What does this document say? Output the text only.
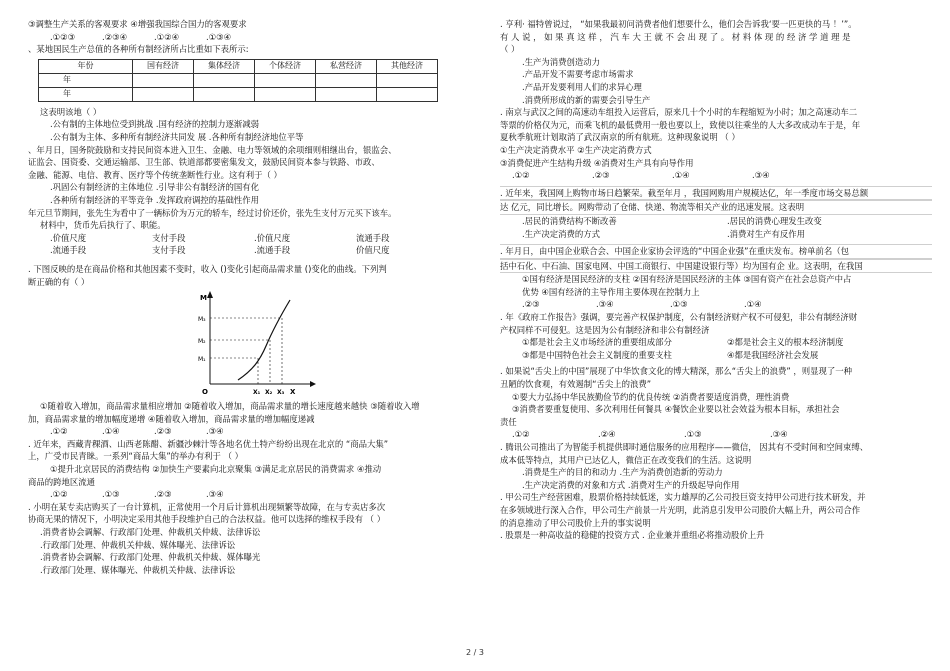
③调整生产关系的客观要求 ④增强我国综合国力的客观要求
.①②③	.②③④	.①②④	.①③④
、某地国民生产总值的各种所有制经济所占比重如下表所示:
年份	国有经济	集体经济	个体经济	私营经济	其他经济
年					
年					
这表明该地（ ）
.公有制的主体地位受到挑战 .国有经济的控制力逐渐减弱
.公有制为主体、多种所有制经济共同发 展 .各种所有制经济地位平等
、年月日，国务院鼓励和支持民间资本进入卫生、金融、电力等领域的余项细则相继出台，银监会、
证监会、国资委、交通运输部、卫生部、铁道部都要密集发文，鼓励民间资本参与铁路、市政、
金融、能源、电信、教育、医疗等个传统垄断性行业。这有利于（ ）
.巩固公有制经济的主体地位 .引导非公有制经济的国有化
.各种所有制经济的平等竞争 .发挥政府调控的基础性作用
年元旦节期间，张先生为看中了一辆标价为万元的轿车，经过讨价还价，张先生支付万元买下该车。
材料中，货币先后执行了、职能。
.价值尺度	支付手段	.价值尺度	流通手段
.流通手段	支付手段	.流通手段	价值尺度
. 下图反映的是在商品价格和其他因素不变时，收入 ()变化引起商品需求量 ()变化的曲线。下列判
断正确的有（ ）
M
M₃
M₂
M₁
O	X₁ X₂ X₃ X
①随着收入增加，商品需求量相应增加 ②随着收入增加，商品需求量的增长速度越来越快 ③随着收入增
加，商品需求量的增加幅度递增 ④随着收入增加，商品需求量的增加幅度递减
.①②	.①④	.②③	.③④
. 近年来，西藏青稞酒、山西老陈醋、新疆沙棘汁等各地名优土特产纷纷出现在北京的 “商品大集”
上，广受市民青睐。一系列“商品大集”的举办有利于 （ ）
①提升北京居民的消费结构 ②加快生产要素向北京聚集 ③满足北京居民的消费需求 ④推动
商品的跨地区流通
.①②	.①③	.②③	.③④
. 小明在某专卖店购买了一台计算机，正常使用一个月后计算机出现频繁等故障，在与专卖店多次
协商无果的情况下，小明决定采用其他手段维护自己的合法权益。他可以选择的维权手段有 （ ）
.消费者协会调解、行政部门处理、仲裁机关仲裁、法律诉讼
.行政部门处理、仲裁机关仲裁、媒体曝光、法律诉讼
.消费者协会调解、行政部门处理、仲裁机关仲裁、媒体曝光
.行政部门处理、媒体曝光、仲裁机关仲裁、法律诉讼
. 亨利· 福特曾说过， “如果我最初问消费者他们想要什么，他们会告诉我‘要一匹更快的马 ！’”。
有 人 说 ， 如 果 真 这 样 ， 汽 车 大 王 就 不 会 出 现 了 。 材 料 体 现 的 经 济 学 道 理 是
（ ）
.生产为消费创造动力
.产品开发不需要考虑市场需求
.产品开发要利用人们的求异心理
.消费所形成的新的需要会引导生产
. 南京与武汉之间的高速动车组投入运营后，原来几十个小时的车程缩短为小时；加之高速动车二
等票的价格仅为元，而乘飞机的最低费用一般也要以上，致使以往乘坐的人大多改成动车于是，年
夏秋季航班计划取消了武汉南京的所有航班。这种现象说明 （ ）
①生产决定消费水平 ②生产决定消费方式
③消费促进产生结构升级 ④消费对生产具有向导作用
.①②	.②③	.①④	.③④
. 近年来，我国网上购物市场日趋繁荣。截至年月 ，我国网购用户规模达亿，年一季度市场交易总额
达 亿元，同比增长。网购带动了仓储、快递、物流等相关产业的迅速发展。这表明
.居民的消费结构不断改善	.居民的消费心理发生改变
.生产决定消费的方式	.消费对生产有反作用
. 年月日，由中国企业联合会、中国企业家协会评选的“中国企业强”在重庆发布。榜单前名（包
括中石化、中石油、国家电网、中国工商银行、中国建设银行等）均为国有企 业。这表明，在我国
①国有经济是国民经济的支柱 ②国有经济是国民经济的主体 ③国有资产在社会总资产中占
优势 ④国有经济的主导作用主要体现在控制力上
.②③	.③④	.①③	.①④
. 年《政府工作报告》强调，要完善产权保护制度，公有制经济财产权不可侵犯，非公有制经济财
产权同样不可侵犯。这是因为公有制经济和非公有制经济
①都是社会主义市场经济的重要组成部分	②都是社会主义的根本经济制度
③都是中国特色社会主义制度的重要支柱	④都是我国经济社会发展
. 如果说“舌尖上的中国”展现了中华饮食文化的博大精深，那么“舌尖上的浪费” ，则显现了一种
丑陋的饮食观，有效遏制“舌尖上的浪费”
①要大力弘扬中华民族勤俭节约的优良传统 ②消费者要适度消费，理性消费
③消费者要重复使用、多次利用任何餐具 ④餐饮企业要以社会效益为根本目标，承担社会
责任
.①②	.②④	.①③	.③④
. 腾讯公司推出了为智能手机提供即时通信服务的应用程序——微信， 因其有不受时间和空间束缚、
成本低等特点，其用户已达亿人，微信正在改变我们的生活。这说明
.消费是生产的目的和动力 .生产为消费创造新的劳动力
.生产决定消费的对象和方式 .消费对生产的升级起导向作用
. 甲公司生产经营困难，股票价格持续低迷，实力雄厚的乙公司投巨资支持甲公司进行技术研发，并
在多领域进行深入合作，甲公司生产前景一片光明，此消息引发甲公司股价大幅上升，两公司合作
的消息推动了甲公司股价上升的事实说明
. 股票是一种高收益的稳健的投资方式 . 企业兼并重组必将推动股价上升
2 / 3
